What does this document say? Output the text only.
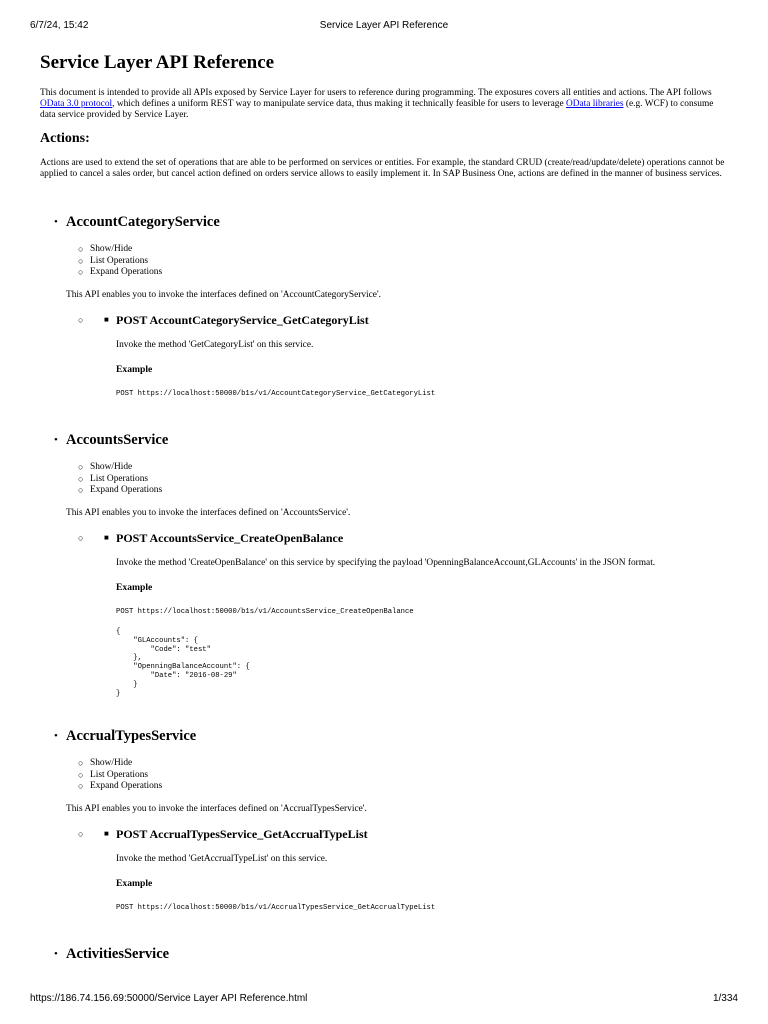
6/7/24, 15:42	Service Layer API Reference
Service Layer API Reference

This document is intended to provide all APIs exposed by Service Layer for users to reference during programming. The exposures covers all entities and actions. The API follows OData 3.0 protocol, which defines a uniform REST way to manipulate service data, thus making it technically feasible for users to leverage OData libraries (e.g. WCF) to consume data service provided by Service Layer.

Actions:

Actions are used to extend the set of operations that are able to be performed on services or entities. For example, the standard CRUD (create/read/update/delete) operations cannot be applied to cancel a sales order, but cancel action defined on orders service allows to easily implement it. In SAP Business One, actions are defined in the manner of business services.

• AccountCategoryService
○ Show/Hide
○ List Operations
○ Expand Operations
This API enables you to invoke the interfaces defined on 'AccountCategoryService'.
○	■ POST AccountCategoryService_GetCategoryList
Invoke the method 'GetCategoryList' on this service.
Example
POST https://localhost:50000/b1s/v1/AccountCategoryService_GetCategoryList
• AccountsService
○ Show/Hide
○ List Operations
○ Expand Operations
This API enables you to invoke the interfaces defined on 'AccountsService'.
○	■ POST AccountsService_CreateOpenBalance
Invoke the method 'CreateOpenBalance' on this service by specifying the payload 'OpenningBalanceAccount,GLAccounts' in the JSON format.
Example
POST https://localhost:50000/b1s/v1/AccountsService_CreateOpenBalance
{
"GLAccounts": {
"Code": "test"
},
"OpenningBalanceAccount": {
"Date": "2016-08-29"
}
}
• AccrualTypesService
○ Show/Hide
○ List Operations
○ Expand Operations
This API enables you to invoke the interfaces defined on 'AccrualTypesService'.
○	■ POST AccrualTypesService_GetAccrualTypeList
Invoke the method 'GetAccrualTypeList' on this service.
Example
POST https://localhost:50000/b1s/v1/AccrualTypesService_GetAccrualTypeList
• ActivitiesService
https://186.74.156.69:50000/Service Layer API Reference.html	1/334
